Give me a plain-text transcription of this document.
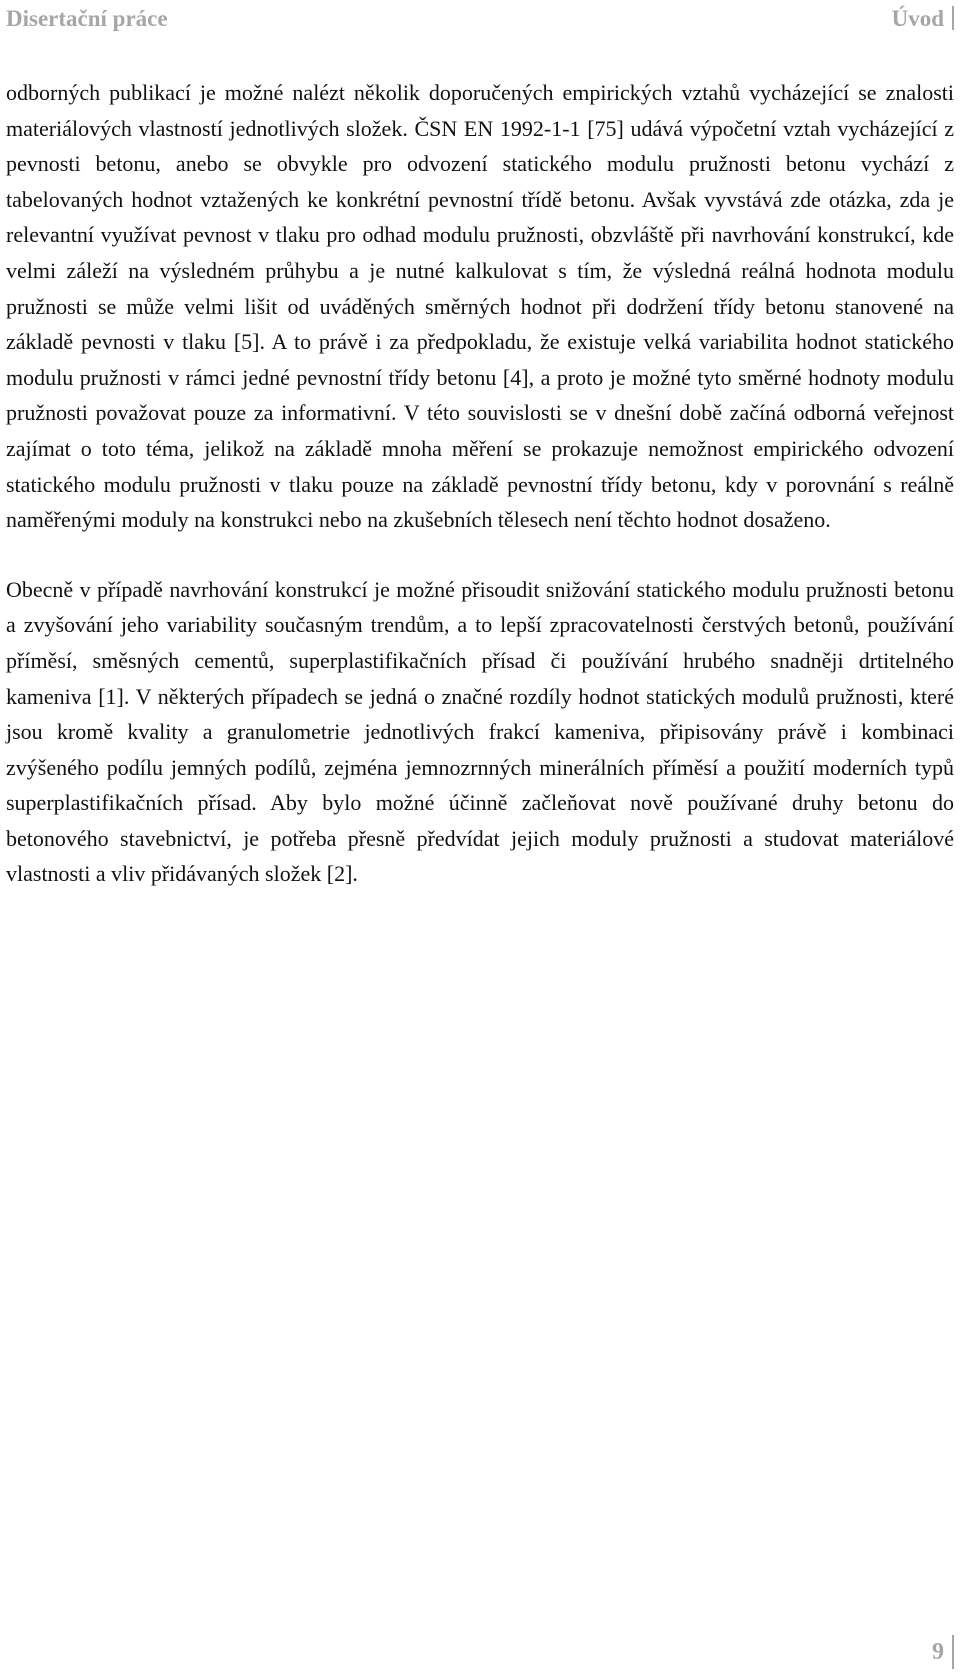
Disertační práce	Úvod

odborných publikací je možné nalézt několik doporučených empirických vztahů vycházející se znalosti materiálových vlastností jednotlivých složek. ČSN EN 1992-1-1 [75] udává výpočetní vztah vycházející z pevnosti betonu, anebo se obvykle pro odvození statického modulu pružnosti betonu vychází z tabelovaných hodnot vztažených ke konkrétní pevnostní třídě betonu. Avšak vyvstává zde otázka, zda je relevantní využívat pevnost v tlaku pro odhad modulu pružnosti, obzvláště při navrhování konstrukcí, kde velmi záleží na výsledném průhybu a je nutné kalkulovat s tím, že výsledná reálná hodnota modulu pružnosti se může velmi lišit od uváděných směrných hodnot při dodržení třídy betonu stanovené na základě pevnosti v tlaku [5]. A to právě i za předpokladu, že existuje velká variabilita hodnot statického modulu pružnosti v rámci jedné pevnostní třídy betonu [4], a proto je možné tyto směrné hodnoty modulu pružnosti považovat pouze za informativní. V této souvislosti se v dnešní době začíná odborná veřejnost zajímat o toto téma, jelikož na základě mnoha měření se prokazuje nemožnost empirického odvození statického modulu pružnosti v tlaku pouze na základě pevnostní třídy betonu, kdy v porovnání s reálně naměřenými moduly na konstrukci nebo na zkušebních tělesech není těchto hodnot dosaženo.

Obecně v případě navrhování konstrukcí je možné přisoudit snižování statického modulu pružnosti betonu a zvyšování jeho variability současným trendům, a to lepší zpracovatelnosti čerstvých betonů, používání příměsí, směsných cementů, superplastifikačních přísad či používání hrubého snadněji drtitelného kameniva [1]. V některých případech se jedná o značné rozdíly hodnot statických modulů pružnosti, které jsou kromě kvality a granulometrie jednotlivých frakcí kameniva, připisovány právě i kombinaci zvýšeného podílu jemných podílů, zejména jemnozrnných minerálních příměsí a použití moderních typů superplastifikačních přísad. Aby bylo možné účinně začleňovat nově používané druhy betonu do betonového stavebnictví, je potřeba přesně předvídat jejich moduly pružnosti a studovat materiálové vlastnosti a vliv přidávaných složek [2].

9
